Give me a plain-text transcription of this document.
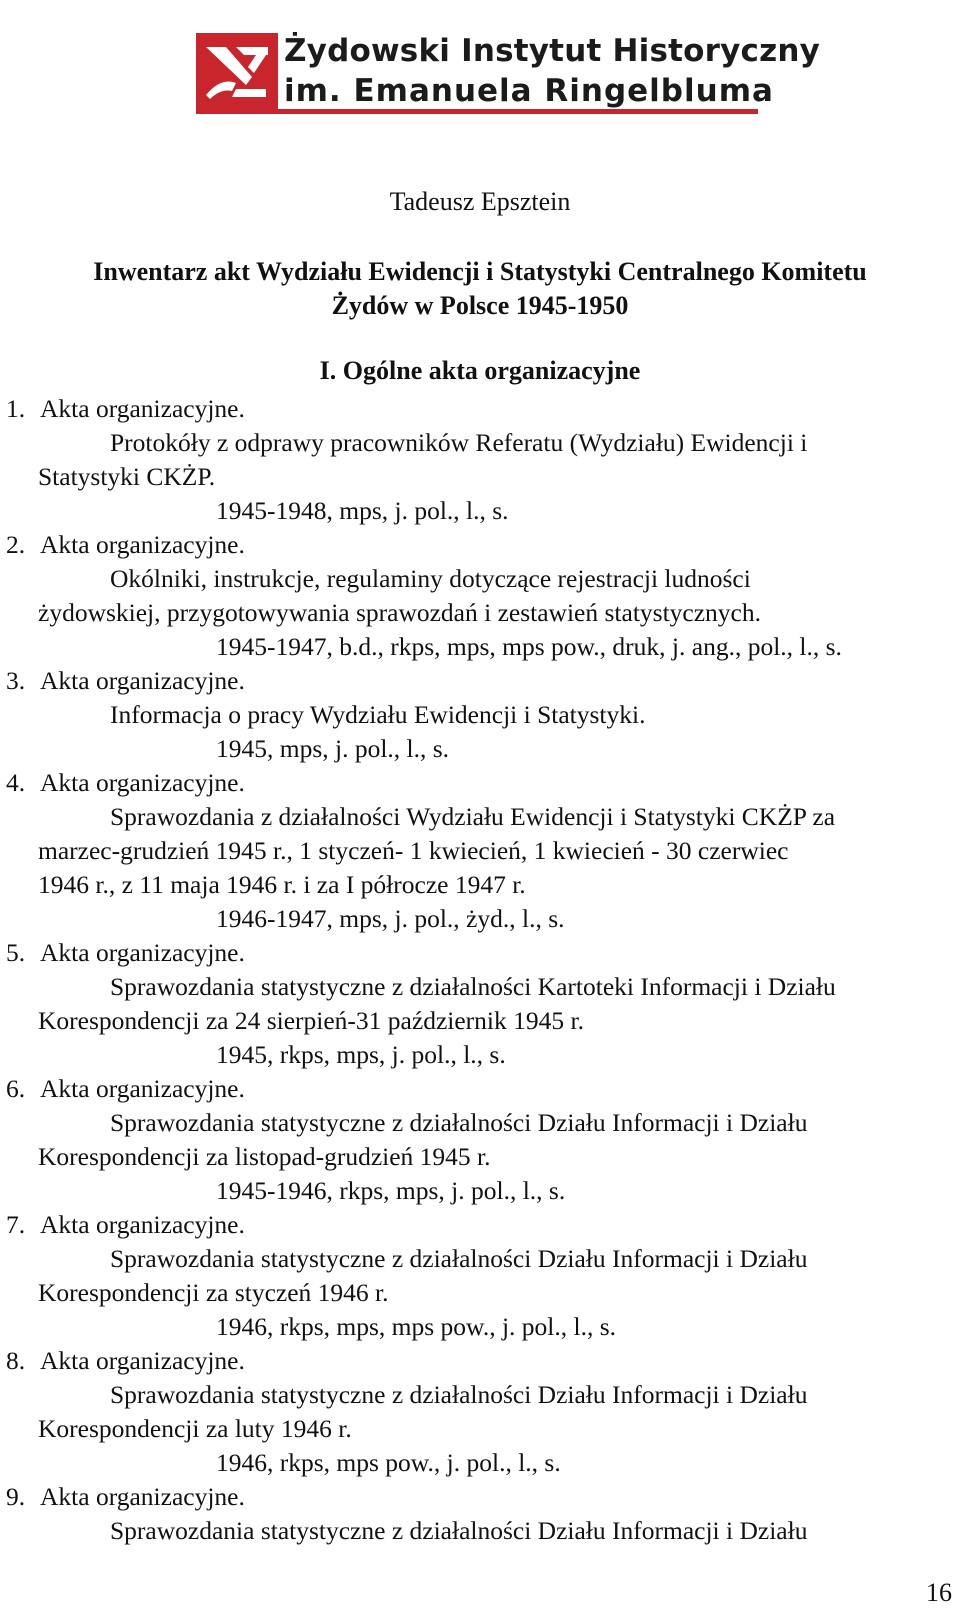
Żydowski Instytut Historyczny
im. Emanuela Ringelbluma
Tadeusz Epsztein
Inwentarz akt Wydziału Ewidencji i Statystyki Centralnego Komitetu
Żydów w Polsce 1945-1950
I. Ogólne akta organizacyjne
1. Akta organizacyjne.
Protokóły z odprawy pracowników Referatu (Wydziału) Ewidencji i
Statystyki CKŻP.
1945-1948, mps, j. pol., l., s.
2. Akta organizacyjne.
Okólniki, instrukcje, regulaminy dotyczące rejestracji ludności
żydowskiej, przygotowywania sprawozdań i zestawień statystycznych.
1945-1947, b.d., rkps, mps, mps pow., druk, j. ang., pol., l., s.
3. Akta organizacyjne.
Informacja o pracy Wydziału Ewidencji i Statystyki.
1945, mps, j. pol., l., s.
4. Akta organizacyjne.
Sprawozdania z działalności Wydziału Ewidencji i Statystyki CKŻP za
marzec-grudzień 1945 r., 1 styczeń- 1 kwiecień, 1 kwiecień - 30 czerwiec
1946 r., z 11 maja 1946 r. i za I półrocze 1947 r.
1946-1947, mps, j. pol., żyd., l., s.
5. Akta organizacyjne.
Sprawozdania statystyczne z działalności Kartoteki Informacji i Działu
Korespondencji za 24 sierpień-31 październik 1945 r.
1945, rkps, mps, j. pol., l., s.
6. Akta organizacyjne.
Sprawozdania statystyczne z działalności Działu Informacji i Działu
Korespondencji za listopad-grudzień 1945 r.
1945-1946, rkps, mps, j. pol., l., s.
7. Akta organizacyjne.
Sprawozdania statystyczne z działalności Działu Informacji i Działu
Korespondencji za styczeń 1946 r.
1946, rkps, mps, mps pow., j. pol., l., s.
8. Akta organizacyjne.
Sprawozdania statystyczne z działalności Działu Informacji i Działu
Korespondencji za luty 1946 r.
1946, rkps, mps pow., j. pol., l., s.
9. Akta organizacyjne.
Sprawozdania statystyczne z działalności Działu Informacji i Działu
16
